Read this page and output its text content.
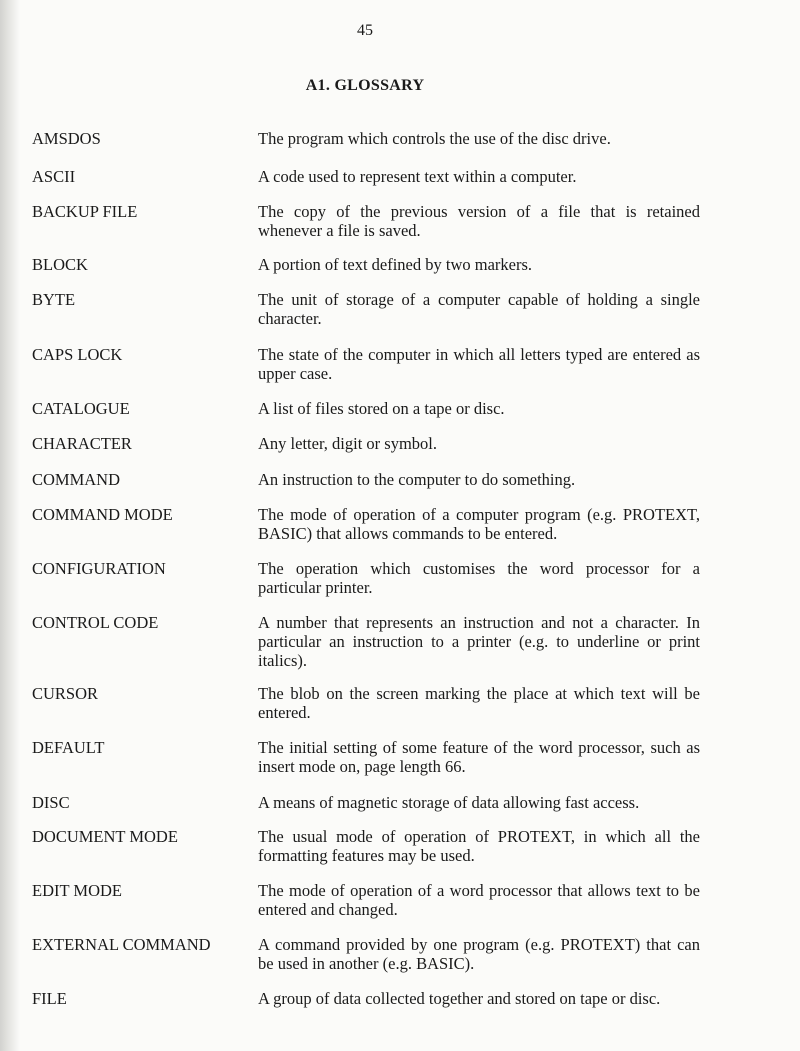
45
A1. GLOSSARY
AMSDOS	The program which controls the use of the disc drive.
ASCII	A code used to represent text within a computer.
BACKUP FILE	The copy of the previous version of a file that is retained whenever a file is saved.
BLOCK	A portion of text defined by two markers.
BYTE	The unit of storage of a computer capable of holding a single character.
CAPS LOCK	The state of the computer in which all letters typed are entered as upper case.
CATALOGUE	A list of files stored on a tape or disc.
CHARACTER	Any letter, digit or symbol.
COMMAND	An instruction to the computer to do something.
COMMAND MODE	The mode of operation of a computer program (e.g. PROTEXT, BASIC) that allows commands to be entered.
CONFIGURATION	The operation which customises the word processor for a particular printer.
CONTROL CODE	A number that represents an instruction and not a character. In particular an instruction to a printer (e.g. to underline or print italics).
CURSOR	The blob on the screen marking the place at which text will be entered.
DEFAULT	The initial setting of some feature of the word processor, such as insert mode on, page length 66.
DISC	A means of magnetic storage of data allowing fast access.
DOCUMENT MODE	The usual mode of operation of PROTEXT, in which all the formatting features may be used.
EDIT MODE	The mode of operation of a word processor that allows text to be entered and changed.
EXTERNAL COMMAND	A command provided by one program (e.g. PROTEXT) that can be used in another (e.g. BASIC).
FILE	A group of data collected together and stored on tape or disc.
